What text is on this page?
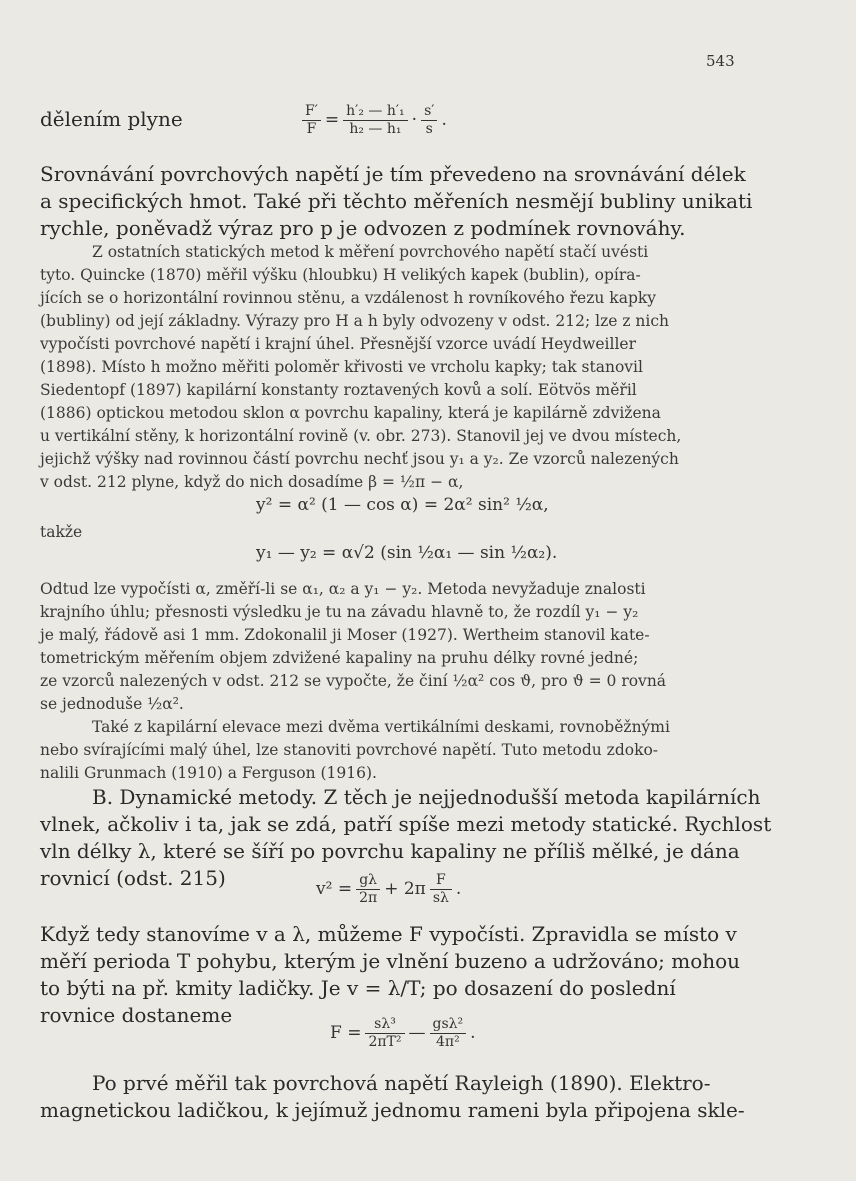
543
dělením plyne
Srovnávání povrchových napětí je tím převedeno na srovnávání délek
a specifických hmot. Také při těchto měřeních nesmějí bubliny unikati
rychle, poněvadž výraz pro p je odvozen z podmínek rovnováhy.
Z ostatních statických metod k měření povrchového napětí stačí uvésti
tyto. Quincke (1870) měřil výšku (hloubku) H velikých kapek (bublin), opíra-
jících se o horizontální rovinnou stěnu, a vzdálenost h rovníkového řezu kapky
(bubliny) od její základny. Výrazy pro H a h byly odvozeny v odst. 212; lze z nich
vypočísti povrchové napětí i krajní úhel. Přesnější vzorce uvádí Heydweiller
(1898). Místo h možno měřiti poloměr křivosti ve vrcholu kapky; tak stanovil
Siedentopf (1897) kapilární konstanty roztavených kovů a solí. Eötvös měřil
(1886) optickou metodou sklon α povrchu kapaliny, která je kapilárně zdvižena
u vertikální stěny, k horizontální rovině (v. obr. 273). Stanovil jej ve dvou místech,
jejichž výšky nad rovinnou částí povrchu nechť jsou y₁ a y₂. Ze vzorců nalezených
v odst. 212 plyne, když do nich dosadíme β = ½π − α,
takže
Odtud lze vypočísti α, změří-li se α₁, α₂ a y₁ − y₂. Metoda nevyžaduje znalosti
krajního úhlu; přesnosti výsledku je tu na závadu hlavně to, že rozdíl y₁ − y₂
je malý, řádově asi 1 mm. Zdokonalil ji Moser (1927). Wertheim stanovil kate-
tometrickým měřením objem zdvižené kapaliny na pruhu délky rovné jedné;
ze vzorců nalezených v odst. 212 se vypočte, že činí ½α² cos ϑ, pro ϑ = 0 rovná
se jednoduše ½α².
Také z kapilární elevace mezi dvěma vertikálními deskami, rovnoběžnými
nebo svírajícími malý úhel, lze stanoviti povrchové napětí. Tuto metodu zdoko-
nalili Grunmach (1910) a Ferguson (1916).
B. Dynamické metody. Z těch je nejjednodušší metoda kapilárních
vlnek, ačkoliv i ta, jak se zdá, patří spíše mezi metody statické. Rychlost
vln délky λ, které se šíří po povrchu kapaliny ne příliš mělké, je dána
rovnicí (odst. 215)
Když tedy stanovíme v a λ, můžeme F vypočísti. Zpravidla se místo v
měří perioda T pohybu, kterým je vlnění buzeno a udržováno; mohou
to býti na př. kmity ladičky. Je v = λ/T; po dosazení do poslední
rovnice dostaneme
Po prvé měřil tak povrchová napětí Rayleigh (1890). Elektro-
magnetickou ladičkou, k jejímuž jednomu rameni byla připojena skle-
$\frac{F'}{F} = \frac{\text{h′₂ — h′₁}}{\text{h₂ — h₁}} \cdot \frac{s'}{s}$ .
y² = α² (1 — cos α) = 2α² sin² ½α,
y₁ — y₂ = α√2 (sin ½α₁ — sin ½α₂).
$v^2 = \frac{g\lambda}{2\pi} + 2\pi \frac{F}{s\lambda}$ .
$F = \frac{\text{sλ³}}{\text{2πT²}}$ — $\frac{\text{gsλ²}}{\text{4π²}}$ .
